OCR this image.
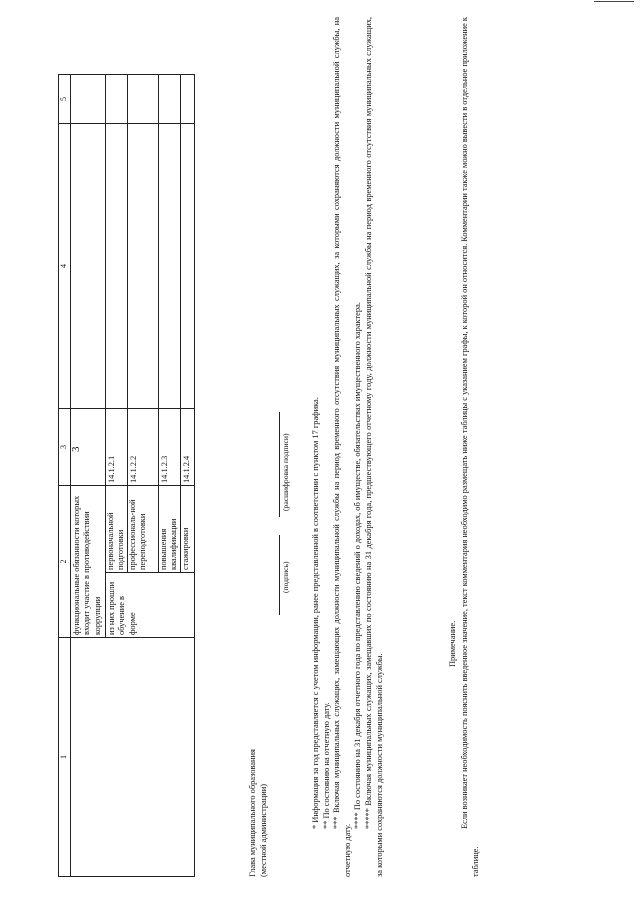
3
1	2		3	4	5
	функциональные обязанности которых входит участие в противодействии коррупции				
	из них прошли обучение в форме	первоначальной подготовки	14.1.2.1		
		профессиональ-ной переподготовки	14.1.2.2		
		повышения квалификации	14.1.2.3		
		стажировки	14.1.2.4		
Глава муниципального образования (местной администрации)
(подпись)
(расшифровка подписи)	* Информация за год представляется с учетом информации, ранее представленной в соответствии с пунктом 17 графика. ** По состоянию на отчетную дату. *** Включая муниципальных служащих, замещающих должности муниципальной службы на период временного отсутствия муниципальных служащих, за которыми сохраняются должности муниципальной службы, на отчетную дату.

**** По состоянию на 31 декабря отчетного года по представлению сведений о доходах, об имуществе, обязательствах имущественного характера. ***** Включая муниципальных служащих, замещавших по состоянию на 31 декабря года, предшествующего отчетному году, должности муниципальной службы на период временного отсутствия муниципальных служащих, за которыми сохраняются должности муниципальной службы.

Примечание. Если возникает необходимость пояснить введенное значение, текст комментария необходимо размещать ниже таблицы с указанием графы, к которой он относится. Комментарии также можно вывести в отдельное приложение к таблице.
